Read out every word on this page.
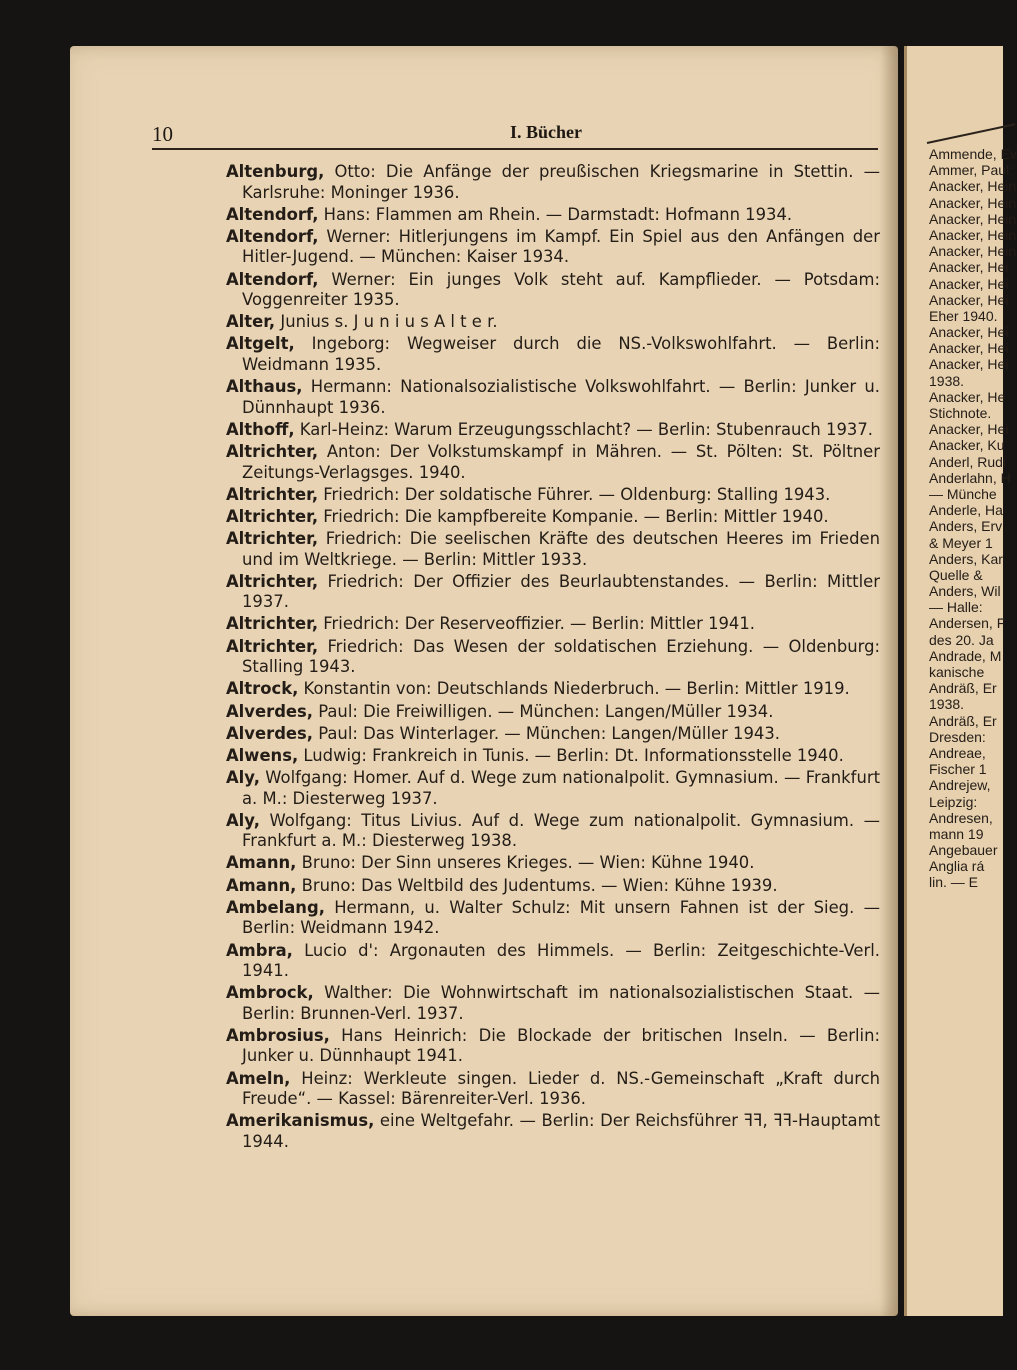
10	I. Bücher
Altenburg, Otto: Die Anfänge der preußischen Kriegsmarine in Stettin. — Karlsruhe: Moninger 1936.
Altendorf, Hans: Flammen am Rhein. — Darmstadt: Hofmann 1934.
Altendorf, Werner: Hitlerjungens im Kampf. Ein Spiel aus den Anfängen der Hitler-Jugend. — München: Kaiser 1934.
Altendorf, Werner: Ein junges Volk steht auf. Kampflieder. — Potsdam: Voggenreiter 1935.
Alter, Junius s. J u n i u s A l t e r.
Altgelt, Ingeborg: Wegweiser durch die NS.-Volkswohlfahrt. — Berlin: Weidmann 1935.
Althaus, Hermann: Nationalsozialistische Volkswohlfahrt. — Berlin: Junker u. Dünnhaupt 1936.
Althoff, Karl-Heinz: Warum Erzeugungsschlacht? — Berlin: Stubenrauch 1937.
Altrichter, Anton: Der Volkstumskampf in Mähren. — St. Pölten: St. Pöltner Zeitungs-Verlagsges. 1940.
Altrichter, Friedrich: Der soldatische Führer. — Oldenburg: Stalling 1943.
Altrichter, Friedrich: Die kampfbereite Kompanie. — Berlin: Mittler 1940.
Altrichter, Friedrich: Die seelischen Kräfte des deutschen Heeres im Frieden und im Weltkriege. — Berlin: Mittler 1933.
Altrichter, Friedrich: Der Offizier des Beurlaubtenstandes. — Berlin: Mittler 1937.
Altrichter, Friedrich: Der Reserveoffizier. — Berlin: Mittler 1941.
Altrichter, Friedrich: Das Wesen der soldatischen Erziehung. — Oldenburg: Stalling 1943.
Altrock, Konstantin von: Deutschlands Niederbruch. — Berlin: Mittler 1919.
Alverdes, Paul: Die Freiwilligen. — München: Langen/Müller 1934.
Alverdes, Paul: Das Winterlager. — München: Langen/Müller 1943.
Alwens, Ludwig: Frankreich in Tunis. — Berlin: Dt. Informationsstelle 1940.
Aly, Wolfgang: Homer. Auf d. Wege zum nationalpolit. Gymnasium. — Frankfurt a. M.: Diesterweg 1937.
Aly, Wolfgang: Titus Livius. Auf d. Wege zum nationalpolit. Gymnasium. — Frankfurt a. M.: Diesterweg 1938.
Amann, Bruno: Der Sinn unseres Krieges. — Wien: Kühne 1940.
Amann, Bruno: Das Weltbild des Judentums. — Wien: Kühne 1939.
Ambelang, Hermann, u. Walter Schulz: Mit unsern Fahnen ist der Sieg. — Berlin: Weidmann 1942.
Ambra, Lucio d': Argonauten des Himmels. — Berlin: Zeitgeschichte-Verl. 1941.
Ambrock, Walther: Die Wohnwirtschaft im nationalsozialistischen Staat. — Berlin: Brunnen-Verl. 1937.
Ambrosius, Hans Heinrich: Die Blockade der britischen Inseln. — Berlin: Junker u. Dünnhaupt 1941.
Ameln, Heinz: Werkleute singen. Lieder d. NS.-Gemeinschaft „Kraft durch Freude“. — Kassel: Bärenreiter-Verl. 1936.
Amerikanismus, eine Weltgefahr. — Berlin: Der Reichsführer ꟻꟻ, ꟻꟻ-Hauptamt 1944.
Ammende, Ev
Ammer, Paul:
Anacker, Hein
Anacker, Hein
Anacker, Hein
Anacker, Hein
Anacker, Hein
Anacker, Hei
Anacker, Hei
Anacker, Hei
Eher 1940.
Anacker, Hei
Anacker, Hei
Anacker, Hei
1938.
Anacker, He
Stichnote.
Anacker, Hei
Anacker, Ku
Anderl, Rudi
Anderlahn, H
— Münche
Anderle, Ha
Anders, Erv
& Meyer 1
Anders, Kar
Quelle &
Anders, Wil
— Halle:
Andersen, F
des 20. Ja
Andrade, M
kanische
Andräß, Er
1938.
Andräß, Er
Dresden:
Andreae,
Fischer 1
Andrejew,
Leipzig:
Andresen,
mann 19
Angebauer
Anglia rá
lin. — E
